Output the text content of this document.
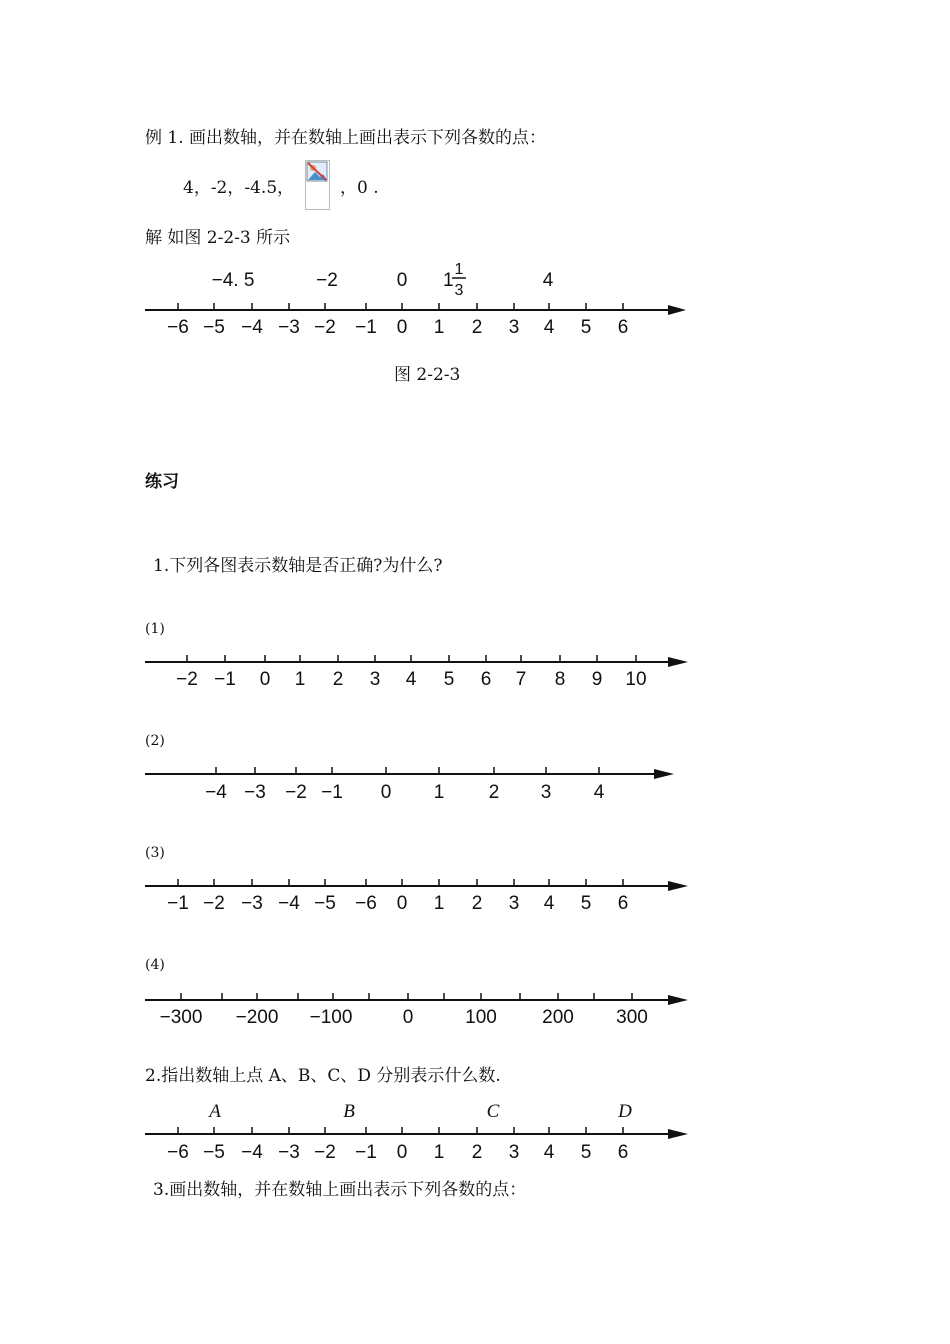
例 1. 画出数轴，并在数轴上画出表示下列各数的点：
4，-2，-4.5，	，0 .
解 如图 2-2-3 所示
−4. 5	−2	0 1
1
3	4
−6 −5 −4 −3 −2 −1 0 1 2 3 4 5 6
图 2-2-3
练习
1.下列各图表示数轴是否正确?为什么?
(1)
−2 −1 0 1 2 3 4 5 6 7 8 9 10
(2)
−4 −3 −2 −1 0 1 2 3 4
(3)
−1 −2 −3 −4 −5 −6 0 1 2 3 4 5 6
(4)
−300 −200 −100	0	100 200 300
2.指出数轴上点 A、B、C、D 分别表示什么数.
A	B	C	D
−6 −5 −4 −3 −2 −1 0 1 2 3 4 5 6
3.画出数轴，并在数轴上画出表示下列各数的点：
